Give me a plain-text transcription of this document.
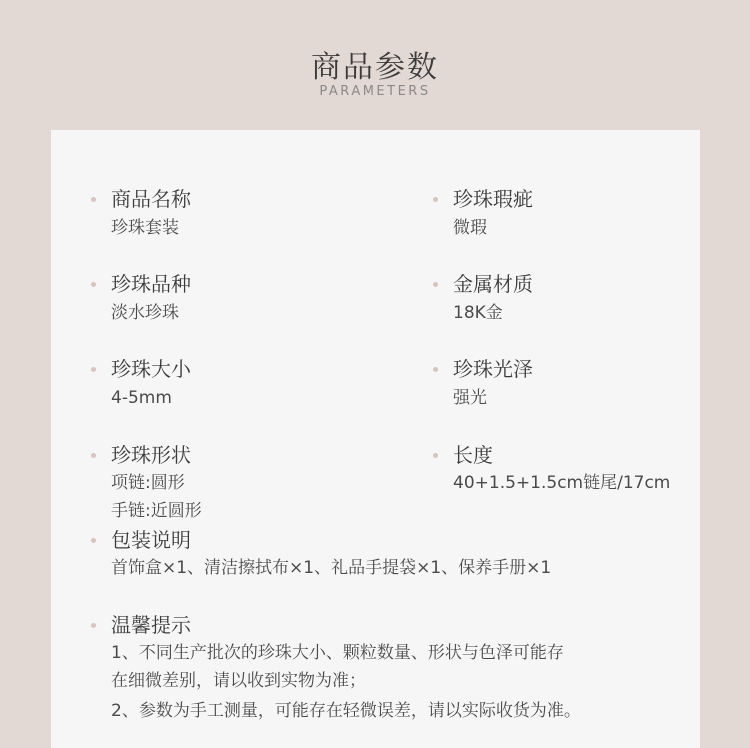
商品参数
PARAMETERS
商品名称
珍珠套装
珍珠品种
淡水珍珠
珍珠大小
4-5mm
珍珠形状
项链:圆形
手链:近圆形
包装说明
首饰盒×1、清洁擦拭布×1、礼品手提袋×1、保养手册×1
温馨提示
1、不同生产批次的珍珠大小、颗粒数量、形状与色泽可能存
在细微差别，请以收到实物为准；
2、参数为手工测量，可能存在轻微误差，请以实际收货为准。
珍珠瑕疵
微瑕
金属材质
18K金
珍珠光泽
强光
长度
40+1.5+1.5cm链尾/17cm
